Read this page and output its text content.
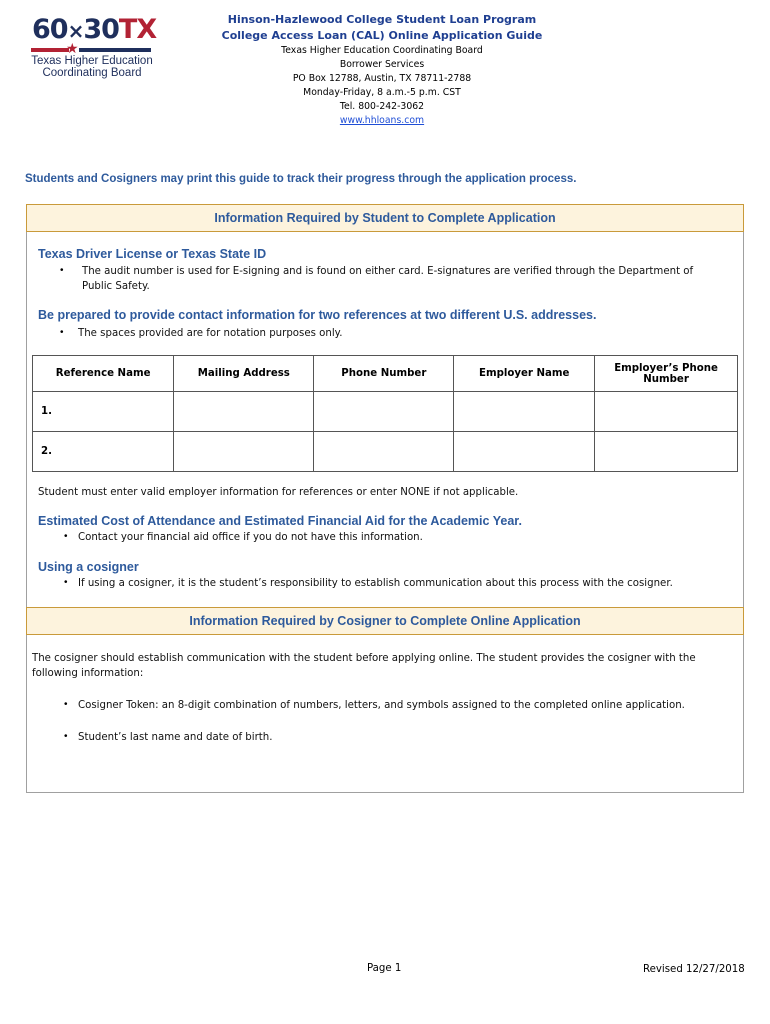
60×30TX
★
Texas Higher Education
Coordinating Board
Hinson-Hazlewood College Student Loan Program
College Access Loan (CAL) Online Application Guide
Texas Higher Education Coordinating Board
Borrower Services
PO Box 12788, Austin, TX 78711-2788
Monday-Friday, 8 a.m.-5 p.m. CST
Tel. 800-242-3062
www.hhloans.com
Students and Cosigners may print this guide to track their progress through the application process.
Information Required by Student to Complete Application
Texas Driver License or Texas State ID
• The audit number is used for E-signing and is found on either card. E-signatures are verified through the Department of Public Safety.
Be prepared to provide contact information for two references at two different U.S. addresses.
• The spaces provided are for notation purposes only.
Reference Name	Mailing Address	Phone Number	Employer Name	Employer’s Phone Number
1.				
2.				
Student must enter valid employer information for references or enter NONE if not applicable.
Estimated Cost of Attendance and Estimated Financial Aid for the Academic Year.
• Contact your financial aid office if you do not have this information.
Using a cosigner
• If using a cosigner, it is the student’s responsibility to establish communication about this process with the cosigner.
Information Required by Cosigner to Complete Online Application
The cosigner should establish communication with the student before applying online. The student provides the cosigner with the following information:
• Cosigner Token: an 8-digit combination of numbers, letters, and symbols assigned to the completed online application.
• Student’s last name and date of birth.
Page 1	Revised 12/27/2018
